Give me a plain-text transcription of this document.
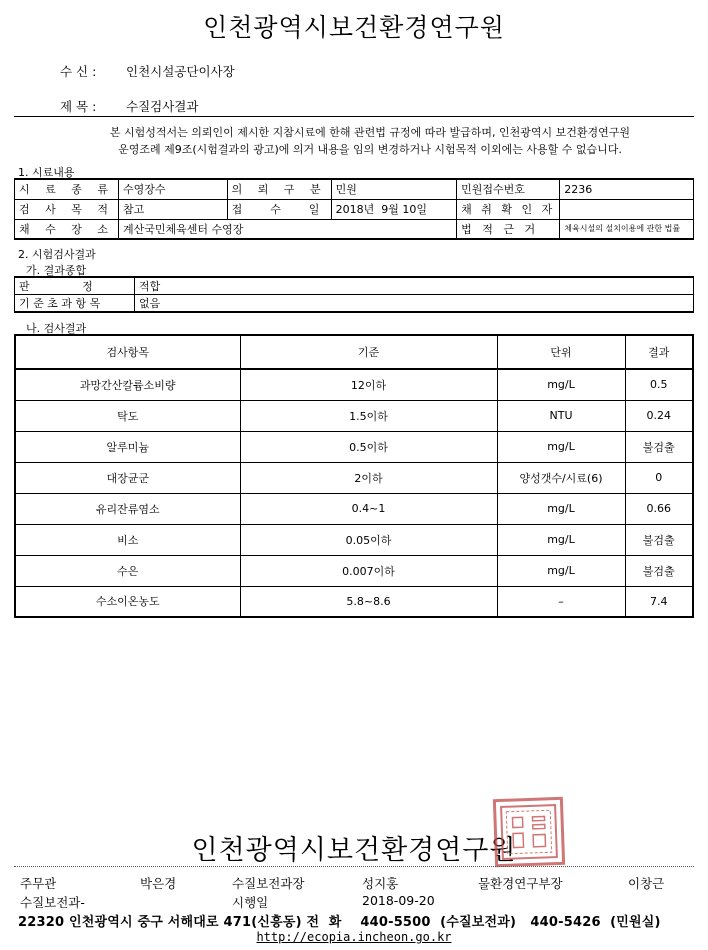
인천광역시보건환경연구원
수 신 : 인천시설공단이사장
제 목 : 수질검사결과
본 시험성적서는 의뢰인이 제시한 지참시료에 한해 관련법 규정에 따라 발급하며, 인천광역시 보건환경연구원
운영조례 제9조(시험결과의 광고)에 의거 내용을 임의 변경하거나 시험목적 이외에는 사용할 수 없습니다.
1. 시료내용
시 료 종 류	수영장수	의 뢰 구 분	민원	민원접수번호	2236
검 사 목 적	참고	접        수        일	2018년  9월 10일	채 취 확 인 자	
채 수 장 소	계산국민체육센터 수영장			법   적   근   거	체육시설의 설치이용에 관한 법률
2. 시험검사결과
가. 결과종합
판               정	적합
기 준 초 과 항 목	없음
나. 검사결과
검사항목	기준	단위	결과
과망간산칼륨소비량	12이하	mg/L	0.5
탁도	1.5이하	NTU	0.24
알루미늄	0.5이하	mg/L	불검출
대장균군	2이하	양성갯수/시료(6)	0
유리잔류염소	0.4~1	mg/L	0.66
비소	0.05이하	mg/L	불검출
수은	0.007이하	mg/L	불검출
수소이온농도	5.8~8.6	–	7.4
인천광역시보건환경연구원
주무관	박은경	수질보전과장	성지홍	물환경연구부장	이창근
수질보전과-	시행일	2018-09-20
22320 인천광역시 중구 서해대로 471(신흥동) 전  화    440-5500  (수질보전과)   440-5426  (민원실)
http://ecopia.incheon.go.kr
